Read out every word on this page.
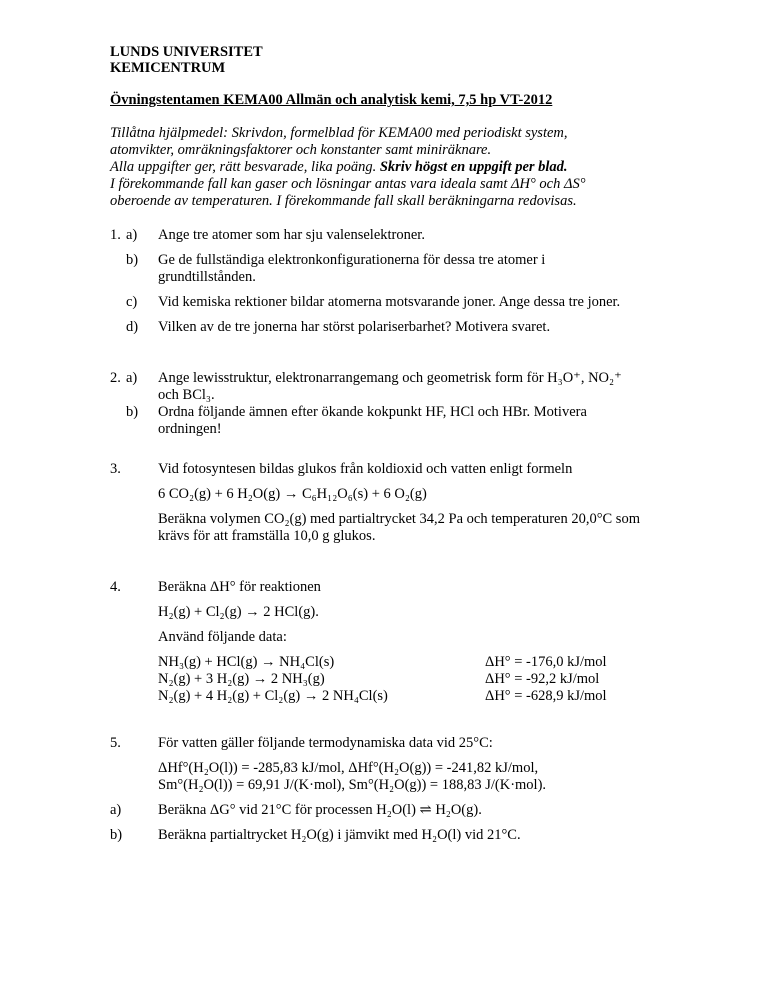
LUNDS UNIVERSITET
KEMICENTRUM
Övningstentamen KEMA00 Allmän och analytisk kemi, 7,5 hp VT-2012
Tillåtna hjälpmedel: Skrivdon, formelblad för KEMA00 med periodiskt system,
atomvikter, omräkningsfaktorer och konstanter samt miniräknare.
Alla uppgifter ger, rätt besvarade, lika poäng. Skriv högst en uppgift per blad.
I förekommande fall kan gaser och lösningar antas vara ideala samt ΔH° och ΔS°
oberoende av temperaturen. I förekommande fall skall beräkningarna redovisas.
1. a)	Ange tre atomer som har sju valenselektroner.
b)	Ge de fullständiga elektronkonfigurationerna för dessa tre atomer i grundtillstånden.
c)	Vid kemiska rektioner bildar atomerna motsvarande joner. Ange dessa tre joner.
d)	Vilken av de tre jonerna har störst polariserbarhet? Motivera svaret.
2. a)	Ange lewisstruktur, elektronarrangemang och geometrisk form för H₃O⁺, NO₂⁺ och BCl₃.
b)	Ordna följande ämnen efter ökande kokpunkt HF, HCl och HBr. Motivera ordningen!
3.	Vid fotosyntesen bildas glukos från koldioxid och vatten enligt formeln
6 CO₂(g) + 6 H₂O(g) → C₆H₁₂O₆(s) + 6 O₂(g)
Beräkna volymen CO₂(g) med partialtrycket 34,2 Pa och temperaturen 20,0°C som krävs för att framställa 10,0 g glukos.
4.	Beräkna ΔH° för reaktionen
H₂(g) + Cl₂(g) → 2 HCl(g).
Använd följande data:
NH₃(g) + HCl(g) → NH₄Cl(s)	ΔH° = -176,0 kJ/mol
N₂(g) + 3 H₂(g) → 2 NH₃(g)	ΔH° = -92,2 kJ/mol
N₂(g) + 4 H₂(g) + Cl₂(g) → 2 NH₄Cl(s)	ΔH° = -628,9 kJ/mol
5.	För vatten gäller följande termodynamiska data vid 25°C:
ΔHf°(H₂O(l)) = -285,83 kJ/mol, ΔHf°(H₂O(g)) = -241,82 kJ/mol,
Sm°(H₂O(l)) = 69,91 J/(K·mol), Sm°(H₂O(g)) = 188,83 J/(K·mol).
a)	Beräkna ΔG° vid 21°C för processen H₂O(l) ⇌ H₂O(g).
b)	Beräkna partialtrycket H₂O(g) i jämvikt med H₂O(l) vid 21°C.
